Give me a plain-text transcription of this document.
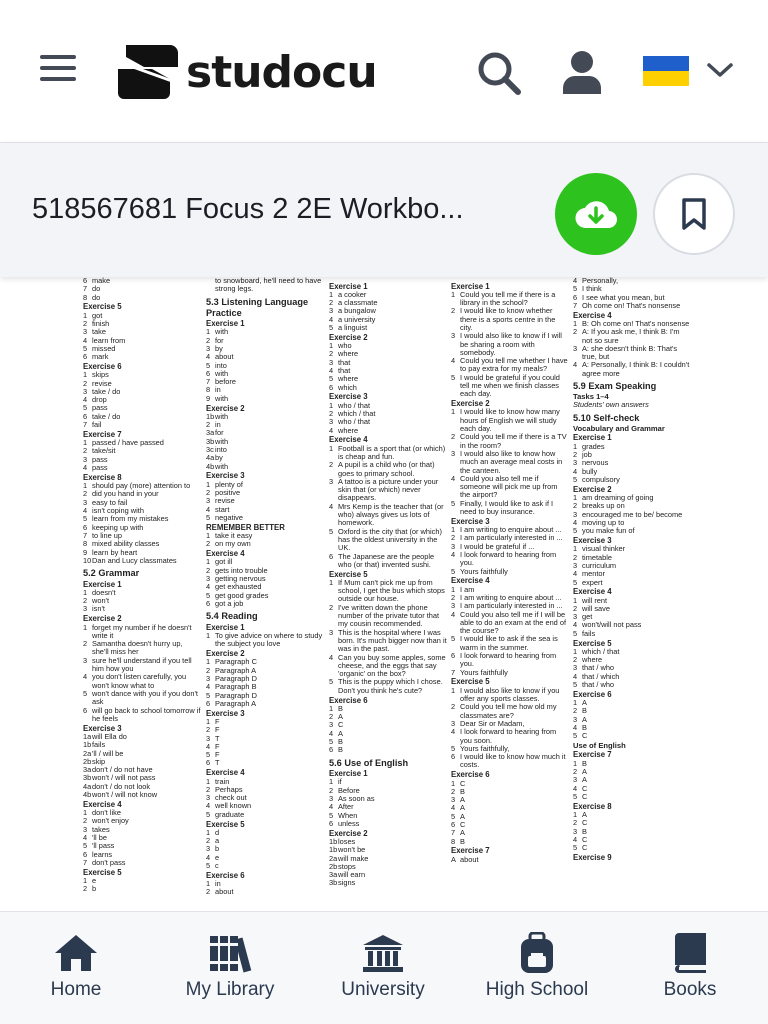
studocu
518567681 Focus 2 2E Workbo...
6 make
7 do
8 do
Exercise 5
1 got
2 finish
3 take
4 learn from
5 missed
6 mark
Exercise 6
1 skips
2 revise
3 take / do
4 drop
5 pass
6 take / do
7 fail
Exercise 7
1 passed / have passed
2 take/sit
3 pass
4 pass
Exercise 8
1 should pay (more) attention to
2 did you hand in your
3 easy to fail
4 isn't coping with
5 learn from my mistakes
6 keeping up with
7 to line up
8 mixed ability classes
9 learn by heart
10 Dan and Lucy classmates
5.2 Grammar
Exercise 1
1 doesn't
2 won't
3 isn't
Exercise 2
1 forget my number if he doesn't write it
2 Samantha doesn't hurry up, she'll miss her
3 sure he'll understand if you tell him how you
4 you don't listen carefully, you won't know what to
5 won't dance with you if you don't ask
6 will go back to school tomorrow if he feels
Exercise 3
1a will Ella do
1b fails
2a 'll / will be
2b skip
3a don't / do not have
3b won't / will not pass
4a don't / do not look
4b won't / will not know
Exercise 4
1 don't like
2 won't enjoy
3 takes
4 'll be
5 'll pass
6 learns
7 don't pass
Exercise 5
1 e
2 b
to snowboard, he'll need to have strong legs.
5.3 Listening Language Practice
Exercise 1
1 with
2 for
3 by
4 about
5 into
6 with
7 before
8 in
9 with
Exercise 2
1b with
2 in
3a for
3b with
3c into
4a by
4b with
Exercise 3
1 plenty of
2 positive
3 revise
4 start
5 negative
REMEMBER BETTER
1 take it easy
2 on my own
Exercise 4
1 got ill
2 gets into trouble
3 getting nervous
4 get exhausted
5 get good grades
6 got a job
5.4 Reading
Exercise 1
1 To give advice on where to study the subject you love
Exercise 2
1 Paragraph C
2 Paragraph A
3 Paragraph D
4 Paragraph B
5 Paragraph D
6 Paragraph A
Exercise 3
1 F
2 F
3 T
4 F
5 F
6 T
Exercise 4
1 train
2 Perhaps
3 check out
4 well known
5 graduate
Exercise 5
1 d
2 a
3 b
4 e
5 c
Exercise 6
1 in
2 about
Exercise 1
1 a cooker
2 a classmate
3 a bungalow
4 a university
5 a linguist
Exercise 2
1 who
2 where
3 that
4 that
5 where
6 which
Exercise 3
1 who / that
2 which / that
3 who / that
4 where
Exercise 4
1 Football is a sport that (or which) is cheap and fun.
2 A pupil is a child who (or that) goes to primary school.
3 A tattoo is a picture under your skin that (or which) never disappears.
4 Mrs Kemp is the teacher that (or who) always gives us lots of homework.
5 Oxford is the city that (or which) has the oldest university in the UK.
6 The Japanese are the people who (or that) invented sushi.
Exercise 5
1 If Mum can't pick me up from school, I get the bus which stops outside our house.
2 I've written down the phone number of the private tutor that my cousin recommended.
3 This is the hospital where I was born. It's much bigger now than it was in the past.
4 Can you buy some apples, some cheese, and the eggs that say 'organic' on the box?
5 This is the puppy which I chose. Don't you think he's cute?
Exercise 6
1 B
2 A
3 C
4 A
5 B
6 B
5.6 Use of English
Exercise 1
1 if
2 Before
3 As soon as
4 After
5 When
6 unless
Exercise 2
1b loses
1b won't be
2a will make
2b stops
3a will earn
3b signs
Exercise 1
1 Could you tell me if there is a library in the school?
2 I would like to know whether there is a sports centre in the city.
3 I would also like to know if I will be sharing a room with somebody.
4 Could you tell me whether I have to pay extra for my meals?
5 I would be grateful if you could tell me when we finish classes each day.
Exercise 2
1 I would like to know how many hours of English we will study each day.
2 Could you tell me if there is a TV in the room?
3 I would also like to know how much an average meal costs in the canteen.
4 Could you also tell me if someone will pick me up from the airport?
5 Finally, I would like to ask if I need to buy insurance.
Exercise 3
1 I am writing to enquire about ...
2 I am particularly interested in ...
3 I would be grateful if ...
4 I look forward to hearing from you.
5 Yours faithfully
Exercise 4
1 I am
2 I am writing to enquire about ...
3 I am particularly interested in ...
4 Could you also tell me if I will be able to do an exam at the end of the course?
5 I would like to ask if the sea is warm in the summer.
6 I look forward to hearing from you.
7 Yours faithfully
Exercise 5
1 I would also like to know if you offer any sports classes.
2 Could you tell me how old my classmates are?
3 Dear Sir or Madam,
4 I look forward to hearing from you soon.
5 Yours faithfully,
6 I would like to know how much it costs.
Exercise 6
1 C
2 B
3 A
4 A
5 A
6 C
7 A
8 B
Exercise 7
A about
4 Personally,
5 I think
6 I see what you mean, but
7 Oh come on! That's nonsense
Exercise 4
1 B: Oh come on! That's nonsense
2 A: If you ask me, I think B: I'm not so sure
3 A: she doesn't think B: That's true, but
4 A: Personally, I think B: I couldn't agree more
5.9 Exam Speaking
Tasks 1–4
Students' own answers
5.10 Self-check
Vocabulary and Grammar
Exercise 1
1 grades
2 job
3 nervous
4 bully
5 compulsory
Exercise 2
1 am dreaming of going
2 breaks up on
3 encouraged me to be/ become
4 moving up to
5 you make fun of
Exercise 3
1 visual thinker
2 timetable
3 curriculum
4 mentor
5 expert
Exercise 4
1 will rent
2 will save
3 get
4 won't/will not pass
5 fails
Exercise 5
1 which / that
2 where
3 that / who
4 that / which
5 that / who
Exercise 6
1 A
2 B
3 A
4 B
5 C
Use of English
Exercise 7
1 B
2 A
3 A
4 C
5 C
Exercise 8
1 A
2 C
3 B
4 C
5 C
Exercise 9
Home	My Library	University	High School	Books
